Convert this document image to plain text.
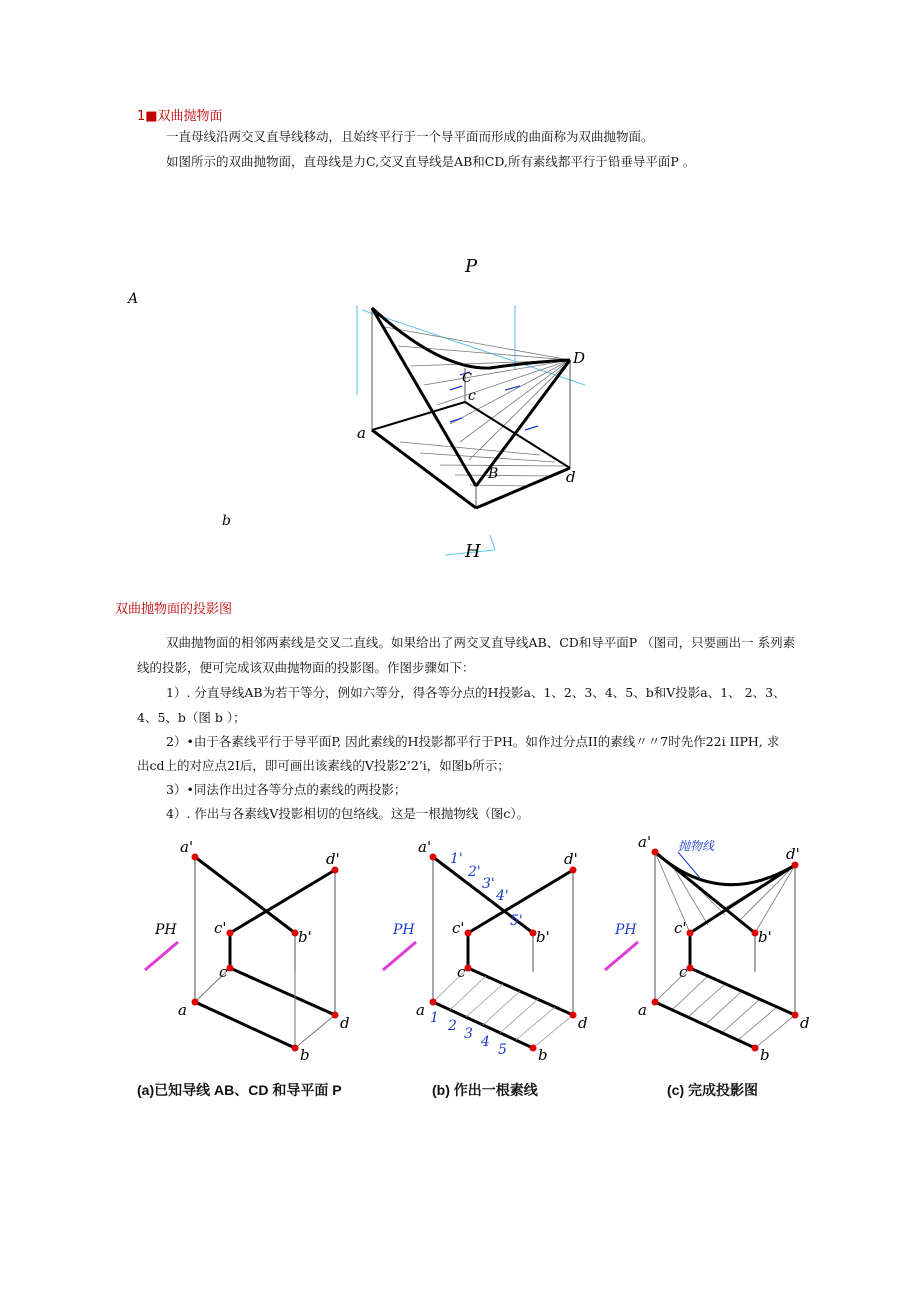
1■双曲抛物面
一直母线沿两交叉直导线移动，且始终平行于一个导平面而形成的曲面称为双曲抛物面。
如图所示的双曲抛物面，直母线是力C,交叉直导线是AB和CD,所有素线都平行于铅垂导平面P 。
P
A
b
D
C
c
a
B	d
H
双曲抛物面的投影图
双曲抛物面的相邻两素线是交叉二直线。如果给出了两交叉直导线AB、CD和导平面P （图司，只要画出一 系列素
线的投影，便可完成该双曲抛物面的投影图。作图步骤如下：
1）. 分直导线AB为若干等分，例如六等分，得各等分点的H投影a、1、2、3、4、5、b和V投影a、1、 2、3、
4、5、b（图 b ）；
2）•由于各素线平行于导平面P, 因此素线的H投影都平行于PH。如作过分点II的素线〃〃7时先作22i IIPH, 求
出cd上的对应点2I后，即可画出该素线的V投影2’2’i，如图b所示；
3）•同法作出过各等分点的素线的两投影；
4）. 作出与各素线V投影相切的包络线。这是一根抛物线（图c）。
a'
d'
c'	b'
c
a
d
b
PH
1'
2'
3'
4'
5'
1 2 3 4 5
PH
a'
d'
c'	b'
c
a
d
b
抛物线
a'
d'
c'	b'
c
a
d
b
PH
(a)已知导线 AB、CD 和导平面 P	(b) 作出一根素线	(c) 完成投影图
